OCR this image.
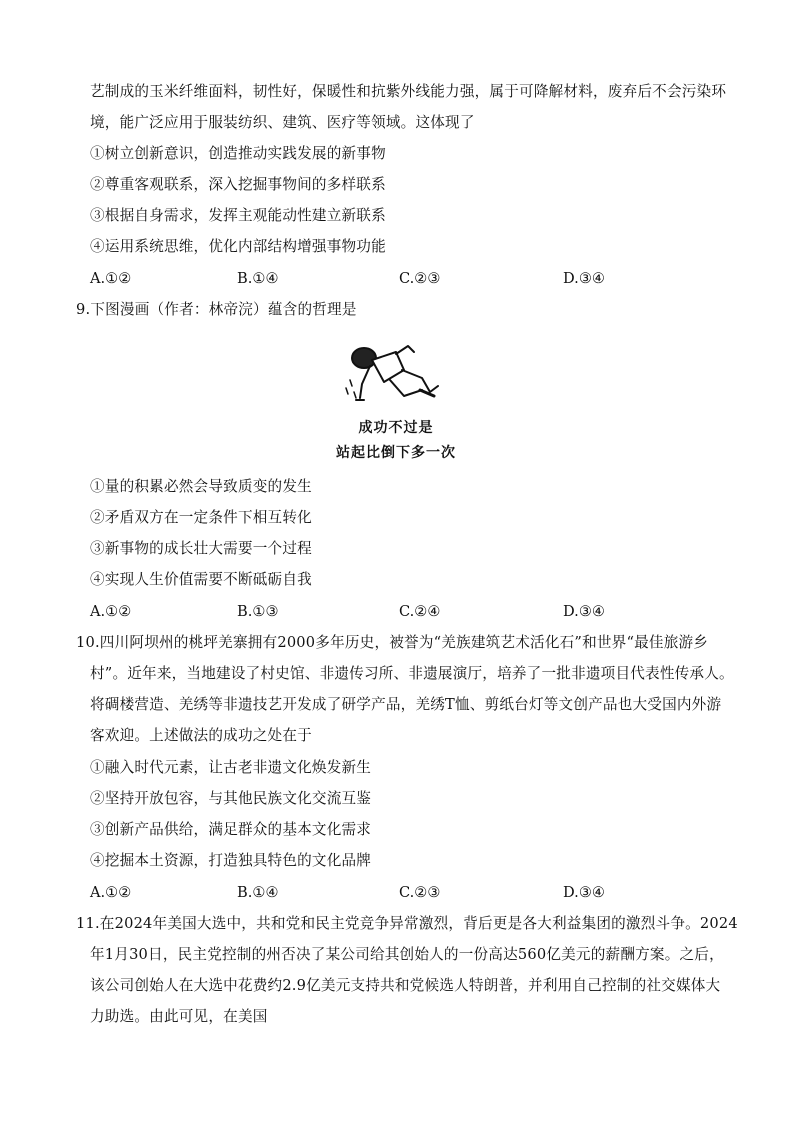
艺制成的玉米纤维面料，韧性好，保暖性和抗紫外线能力强，属于可降解材料，废弃后不会污染环
境，能广泛应用于服装纺织、建筑、医疗等领域。这体现了
①树立创新意识，创造推动实践发展的新事物
②尊重客观联系，深入挖掘事物间的多样联系
③根据自身需求，发挥主观能动性建立新联系
④运用系统思维，优化内部结构增强事物功能
A.①②	B.①④	C.②③	D.③④
9.下图漫画（作者：林帝浣）蕴含的哲理是
成功不过是
站起比倒下多一次
①量的积累必然会导致质变的发生
②矛盾双方在一定条件下相互转化
③新事物的成长壮大需要一个过程
④实现人生价值需要不断砥砺自我
A.①②	B.①③	C.②④	D.③④
10.四川阿坝州的桃坪羌寨拥有2000多年历史，被誉为“羌族建筑艺术活化石”和世界“最佳旅游乡
村”。近年来，当地建设了村史馆、非遗传习所、非遗展演厅，培养了一批非遗项目代表性传承人。
将碉楼营造、羌绣等非遗技艺开发成了研学产品，羌绣T恤、剪纸台灯等文创产品也大受国内外游
客欢迎。上述做法的成功之处在于
①融入时代元素，让古老非遗文化焕发新生
②坚持开放包容，与其他民族文化交流互鉴
③创新产品供给，满足群众的基本文化需求
④挖掘本土资源，打造独具特色的文化品牌
A.①②	B.①④	C.②③	D.③④
11.在2024年美国大选中，共和党和民主党竞争异常激烈，背后更是各大利益集团的激烈斗争。2024
年1月30日，民主党控制的州否决了某公司给其创始人的一份高达560亿美元的薪酬方案。之后，
该公司创始人在大选中花费约2.9亿美元支持共和党候选人特朗普，并利用自己控制的社交媒体大
力助选。由此可见，在美国
